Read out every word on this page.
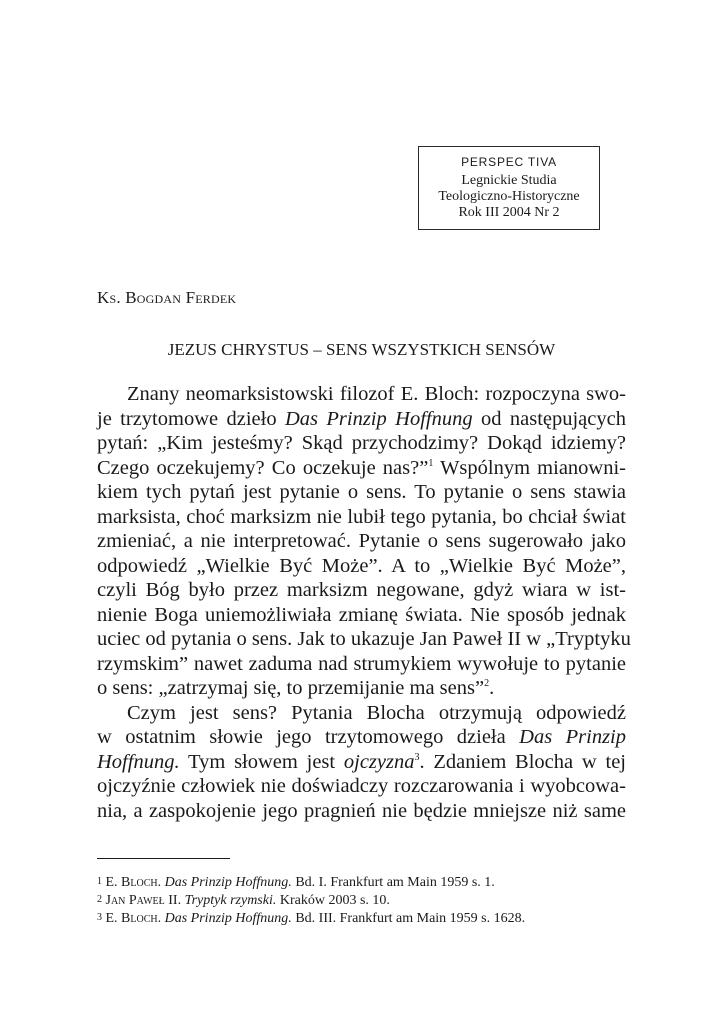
PERSPEC TIVA
Legnickie Studia
Teologiczno-Historyczne
Rok III 2004 Nr 2
Ks. Bogdan Ferdek
JEZUS CHRYSTUS – SENS WSZYSTKICH SENSÓW
Znany neomarksistowski filozof E. Bloch: rozpoczyna swo-
je trzytomowe dzieło Das Prinzip Hoffnung od następujących
pytań: „Kim jesteśmy? Skąd przychodzimy? Dokąd idziemy?
Czego oczekujemy? Co oczekuje nas?”$^1$ Wspólnym mianowni-
kiem tych pytań jest pytanie o sens. To pytanie o sens stawia
marksista, choć marksizm nie lubił tego pytania, bo chciał świat
zmieniać, a nie interpretować. Pytanie o sens sugerowało jako
odpowiedź „Wielkie Być Może”. A to „Wielkie Być Może”,
czyli Bóg było przez marksizm negowane, gdyż wiara w ist-
nienie Boga uniemożliwiała zmianę świata. Nie sposób jednak
uciec od pytania o sens. Jak to ukazuje Jan Paweł II w „Tryptyku
rzymskim” nawet zaduma nad strumykiem wywołuje to pytanie
o sens: „zatrzymaj się, to przemijanie ma sens”$^2$.
Czym jest sens? Pytania Blocha otrzymują odpowiedź
w ostatnim słowie jego trzytomowego dzieła Das Prinzip
Hoffnung. Tym słowem jest ojczyzna$^3$. Zdaniem Blocha w tej
ojczyźnie człowiek nie doświadczy rozczarowania i wyobcowa-
nia, a zaspokojenie jego pragnień nie będzie mniejsze niż same
$^1$ E. Bloch. Das Prinzip Hoffnung. Bd. I. Frankfurt am Main 1959 s. 1.
$^2$ Jan Paweł II. Tryptyk rzymski. Kraków 2003 s. 10.
$^3$ E. Bloch. Das Prinzip Hoffnung. Bd. III. Frankfurt am Main 1959 s. 1628.
